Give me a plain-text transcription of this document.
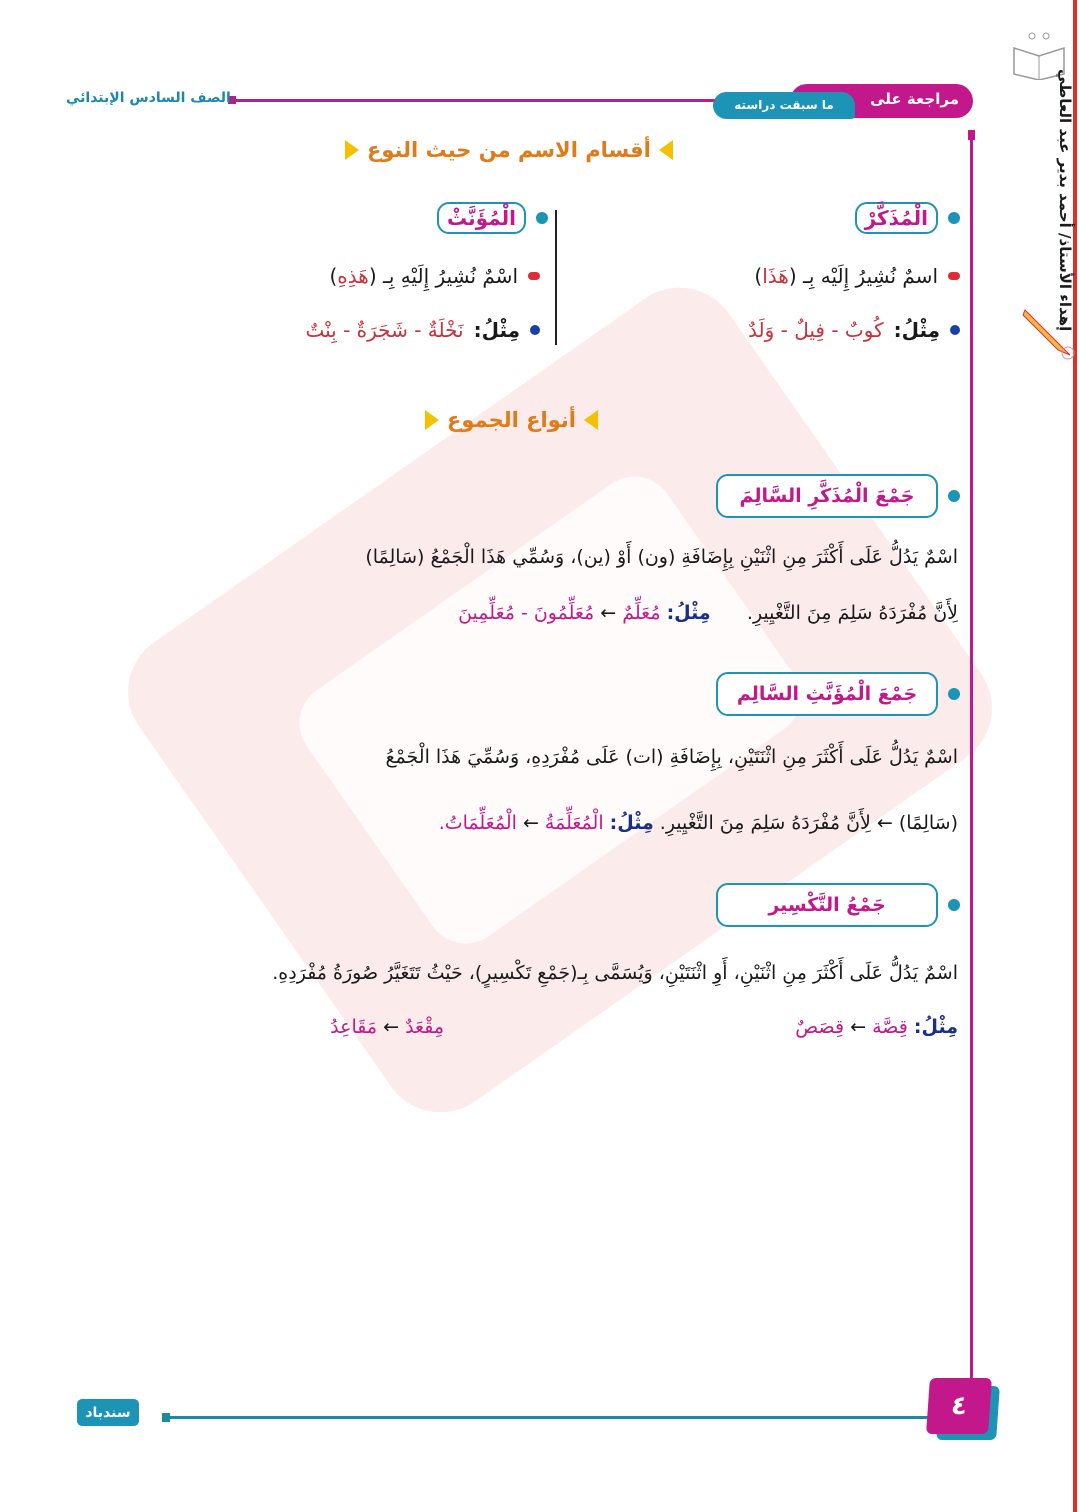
إهداء الأستاذ/ أحمد بدير عبد العاطي
الصف السادس الإبتدائي	مراجعة على
ما سبقت دراسته
أقسام الاسم من حيث النوع
الْمُذَكَّرْ
اسمٌ نُشِيرُ إِلَيْه بِـ (هَذَا)
مِثْلُ:
كُوبٌ - فِيلٌ - وَلَدٌ
الْمُؤَنَّثْ
اسْمٌ نُشِيرُ إِلَيْهِ بِـ (هَذِهِ)
مِثْلُ:
نَخْلَةٌ - شَجَرَةٌ - بِنْتٌ
أنواع الجموع
جَمْعَ الْمُذَكَّرِ السَّالِمَ
اسْمٌ يَدُلُّ عَلَى أَكْثَرَ مِنِ اثْنَيْنِ بِإِضَافَةِ (ون) أَوْ (ين)، وَسُمِّي هَذَا الْجَمْعُ (سَالِمًا)
لِأَنَّ مُفْرَدَهُ سَلِمَ مِنَ التَّغْيِيرِ.      مِثْلُ: مُعَلِّمٌ ← مُعَلِّمُونَ - مُعَلِّمِينَ
جَمْعَ الْمُؤَنَّثِ السَّالِم
اسْمٌ يَدُلُّ عَلَى أَكْثَرَ مِنِ اثْنَتَيْنِ، بِإِضَافَةِ (ات) عَلَى مُفْرَدِهِ، وَسُمِّيَ هَذَا الْجَمْعُ
(سَالِمًا) ← لِأَنَّ مُفْرَدَهُ سَلِمَ مِنَ التَّغْيِيرِ. مِثْلُ: الْمُعَلِّمَةُ ← الْمُعَلِّمَاتُ.
جَمْعُ التَّكْسِير
اسْمٌ يَدُلُّ عَلَى أَكْثَرَ مِنِ اثْنَيْنِ، أَوِ اثْنَتَيْنِ، وَيُسَمَّى بِـ(جَمْعِ تَكْسِيرٍ)، حَيْثُ تَتَغَيَّرُ صُورَةُ مُفْرَدِهِ.
مِثْلُ: قِصَّة ← قِصَصٌ
مِقْعَدٌ ← مَقَاعِدُ
٤
سندباد
